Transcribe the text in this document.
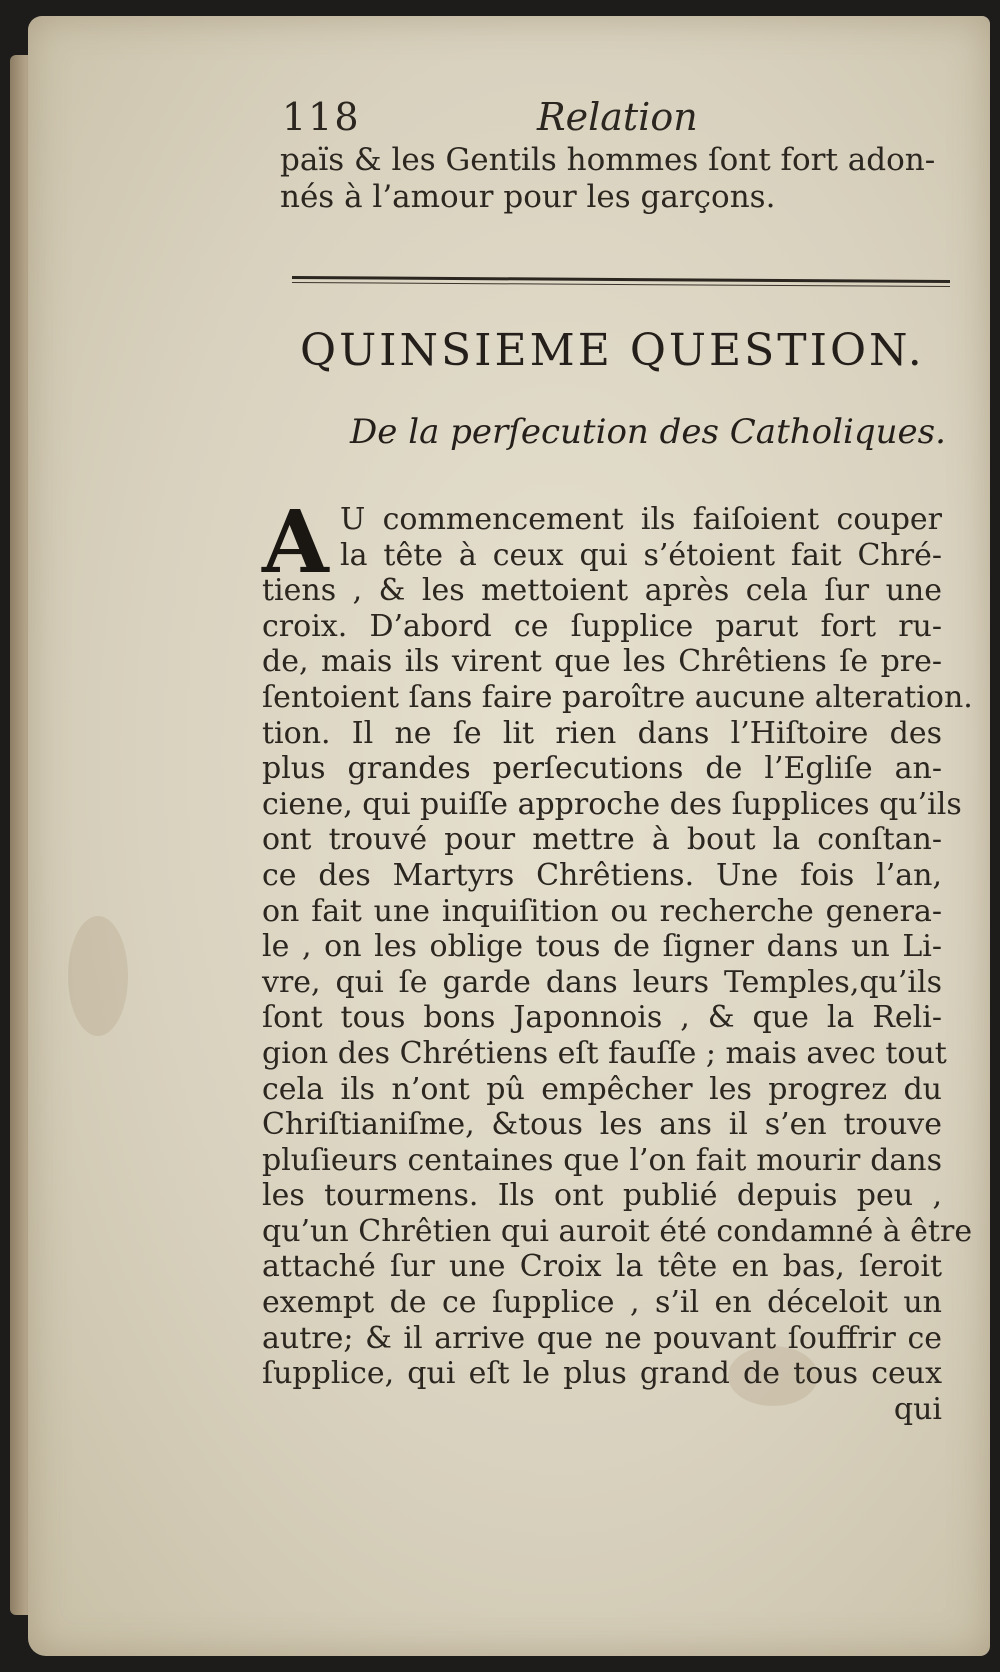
118	Relation
païs & les Gentils hommes ſont fort adon-
nés à l’amour pour les garçons.
QUINSIEME QUESTION.
De la perſecution des Catholiques.
A U commencement ils faiſoient couper
la tête à ceux qui s’étoient fait Chré-
tiens , & les mettoient après cela ſur une
croix. D’abord ce ſupplice parut fort ru-
de, mais ils virent que les Chrêtiens ſe pre-
ſentoient ſans faire paroître aucune alteration.
tion. Il ne ſe lit rien dans l’Hiſtoire des
plus grandes perſecutions de l’Egliſe an-
ciene, qui puiſſe approche des ſupplices qu’ils
ont trouvé pour mettre à bout la conſtan-
ce des Martyrs Chrêtiens. Une fois l’an,
on fait une inquiſition ou recherche genera-
le , on les oblige tous de ſigner dans un Li-
vre, qui ſe garde dans leurs Temples,qu’ils
ſont tous bons Japonnois , & que la Reli-
gion des Chrétiens eſt fauſſe ; mais avec tout
cela ils n’ont pû empêcher les progrez du
Chriſtianiſme, &tous les ans il s’en trouve
pluſieurs centaines que l’on fait mourir dans
les tourmens. Ils ont publié depuis peu ,
qu’un Chrêtien qui auroit été condamné à être
attaché ſur une Croix la tête en bas, ſeroit
exempt de ce ſupplice , s’il en déceloit un
autre; & il arrive que ne pouvant ſouffrir ce
ſupplice, qui eſt le plus grand de tous ceux
qui
